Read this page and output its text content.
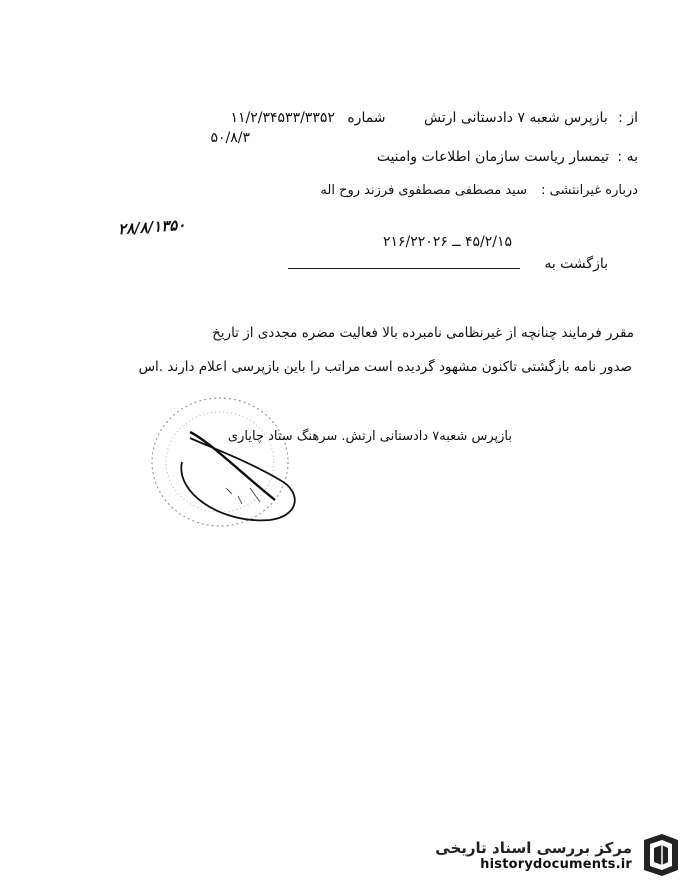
از : بازپرس شعبه ۷ دادستانی ارتش شماره ۱۱/۲/۳۴۵۳۳/۳۳۵۲
۵۰/۸/۳
به : تیمسار ریاست سازمان اطلاعات وامنیت
درباره غیرانتشی : سید مصطفی مصطفوی فرزند روح اله
۲۸/۸/۱۳۵۰
۴۵/۲/۱۵ ــ ۲۱۶/۲۲۰۲۶
بازگشت به
مقرر فرمایند چنانچه از غیرنظامی نامبرده بالا فعالیت مضره مجددی از تاریخ
صدور نامه بازگشتی تاکنون مشهود گردیده است مراتب را باین بازپرسی اعلام دارند .اس
بازپرس شعبه۷ دادستانی ارتش. سرهنگ ستاد چایاری
مرکز بررسی اسناد تاریخی
historydocuments.ir
